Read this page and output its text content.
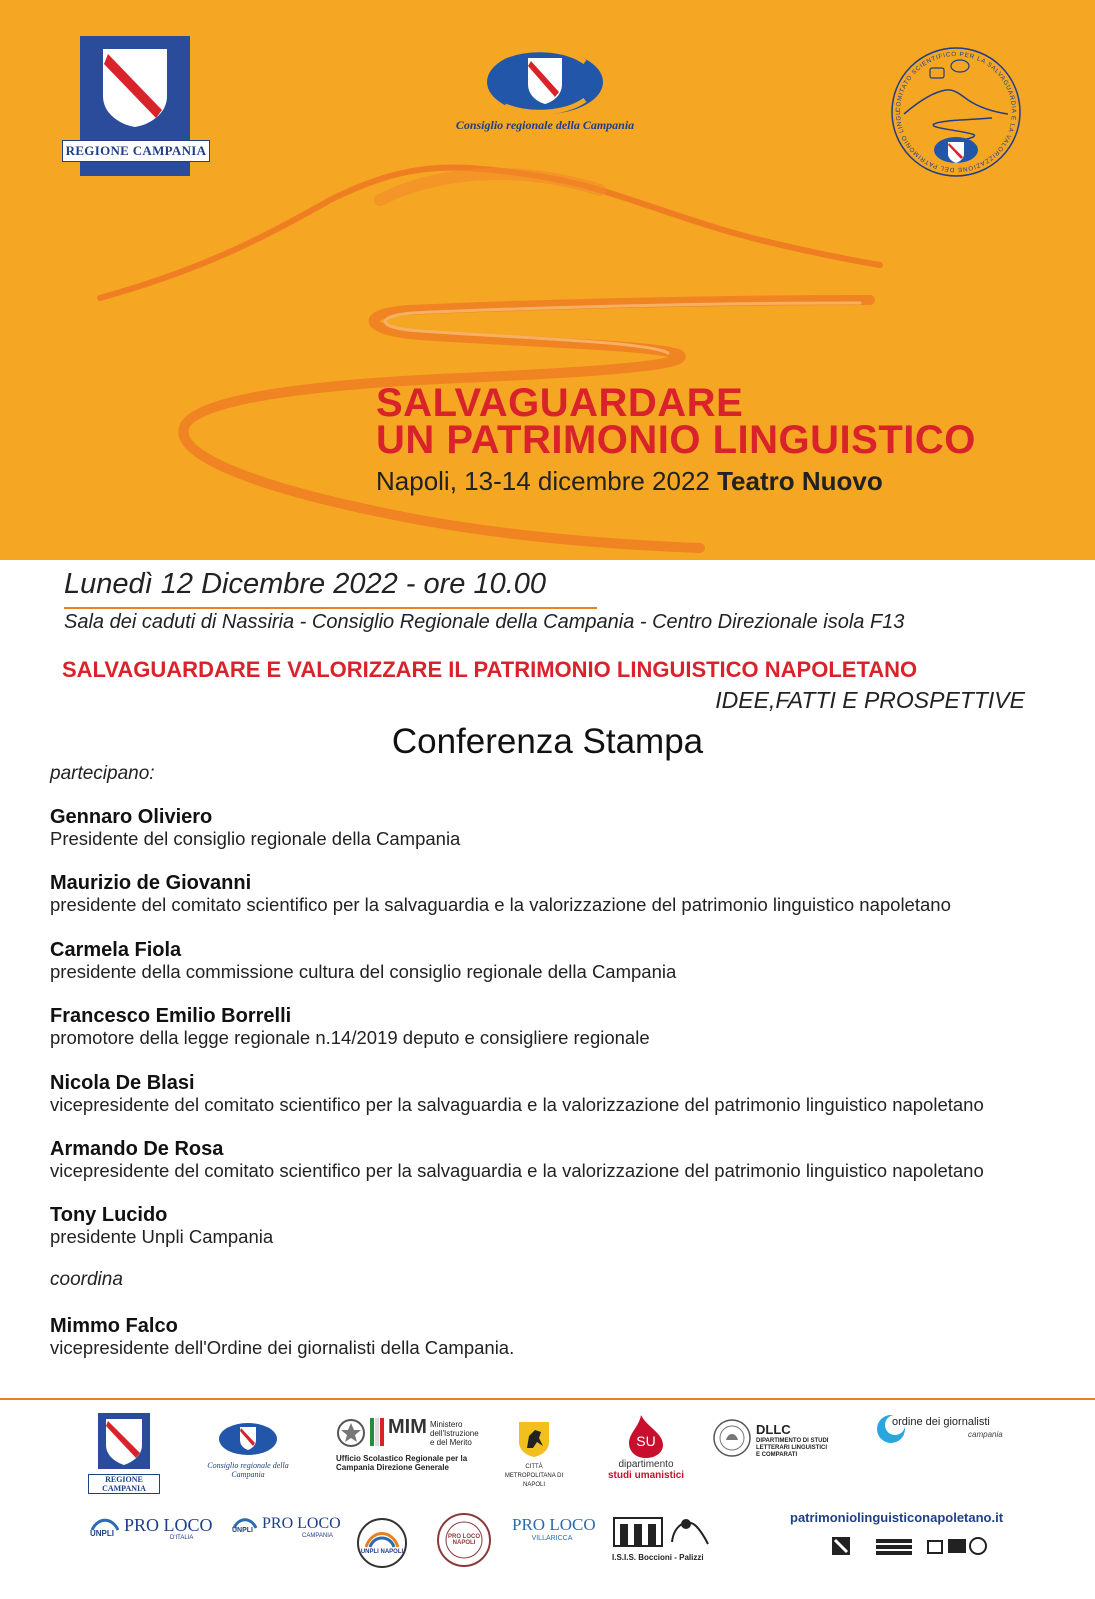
REGIONE CAMPANIA
Consiglio regionale della Campania
COMITATO SCIENTIFICO PER LA SALVAGUARDIA E LA VALORIZZAZIONE DEL PATRIMONIO LINGU
SALVAGUARDARE
UN PATRIMONIO LINGUISTICO
Napoli, 13-14 dicembre 2022 Teatro Nuovo
Lunedì 12 Dicembre 2022 - ore 10.00
Sala dei caduti di Nassiria - Consiglio Regionale della Campania - Centro Direzionale isola F13
SALVAGUARDARE E VALORIZZARE IL PATRIMONIO LINGUISTICO NAPOLETANO
IDEE,FATTI E PROSPETTIVE
Conferenza Stampa
partecipano:
Gennaro Oliviero
Presidente del consiglio regionale della Campania
Maurizio de Giovanni
presidente del comitato scientifico per la salvaguardia e la valorizzazione del patrimonio linguistico napoletano
Carmela Fiola
presidente della commissione cultura del consiglio regionale della Campania
Francesco Emilio Borrelli
promotore della legge regionale n.14/2019 deputo e consigliere regionale
Nicola De Blasi
vicepresidente del comitato scientifico per la salvaguardia e la valorizzazione del patrimonio linguistico napoletano
Armando De Rosa
vicepresidente del comitato scientifico per la salvaguardia e la valorizzazione del patrimonio linguistico napoletano
Tony Lucido
presidente Unpli Campania
coordina
Mimmo Falco
vicepresidente dell'Ordine dei giornalisti della Campania.
REGIONE CAMPANIA
Consiglio regionale della Campania
MIM Ministero dell'Istruzione e del Merito
Ufficio Scolastico Regionale per la Campania Direzione Generale	CITTÀ METROPOLITANA DI NAPOLI
SU
dipartimento
studi umanistici
DLLC
DIPARTIMENTO DI STUDI LETTERARI LINGUISTICI E COMPARATI
ordine dei giornalisti
campania
UNPLI PRO LOCO
D'ITALIA
UNPLI PRO LOCO
CAMPANIA
UNPLI NAPOLI
PRO LOCO NAPOLI
PRO LOCO
VILLARICCA
I.S.I.S. Boccioni - Palizzi
patrimoniolinguisticonapoletano.it
